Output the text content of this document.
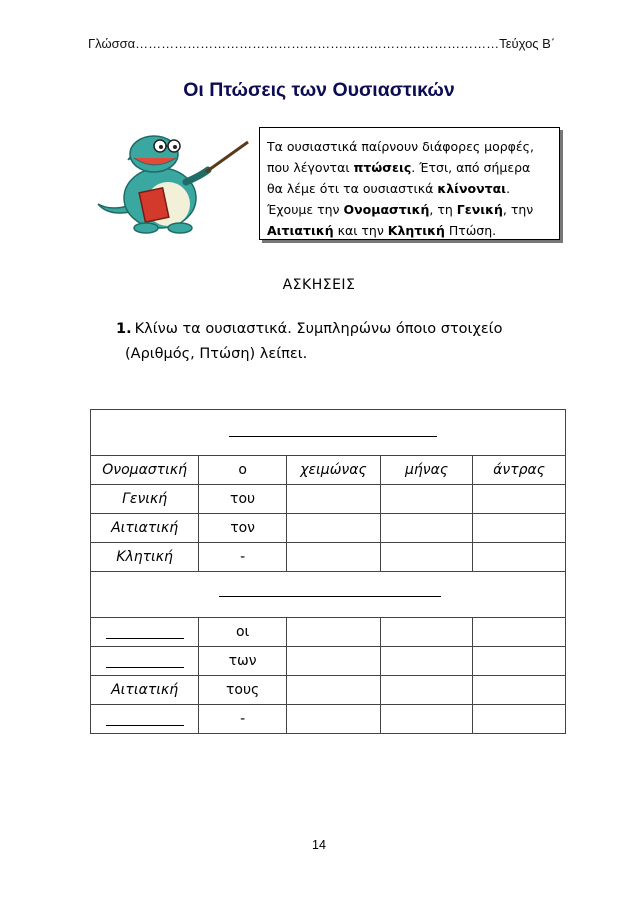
Γλώσσα…………………………………………………………………………Τεύχος Β΄
Οι Πτώσεις των Ουσιαστικών
Τα ουσιαστικά παίρνουν διάφορες μορφές,
που λέγονται πτώσεις. Έτσι, από σήμερα
θα λέμε ότι τα ουσιαστικά κλίνονται.
Έχουμε την Ονομαστική, τη Γενική, την
Αιτιατική και την Κλητική Πτώση.
ΑΣΚΗΣΕΙΣ
1. Κλίνω τα ουσιαστικά. Συμπληρώνω όποιο στοιχείο
(Αριθμός, Πτώση) λείπει.

Ονομαστική	ο	χειμώνας	μήνας	άντρας
Γενική	του			
Αιτιατική	τον			
Κλητική	-			

	οι			
	των			
Αιτιατική	τους			
	-			
14
